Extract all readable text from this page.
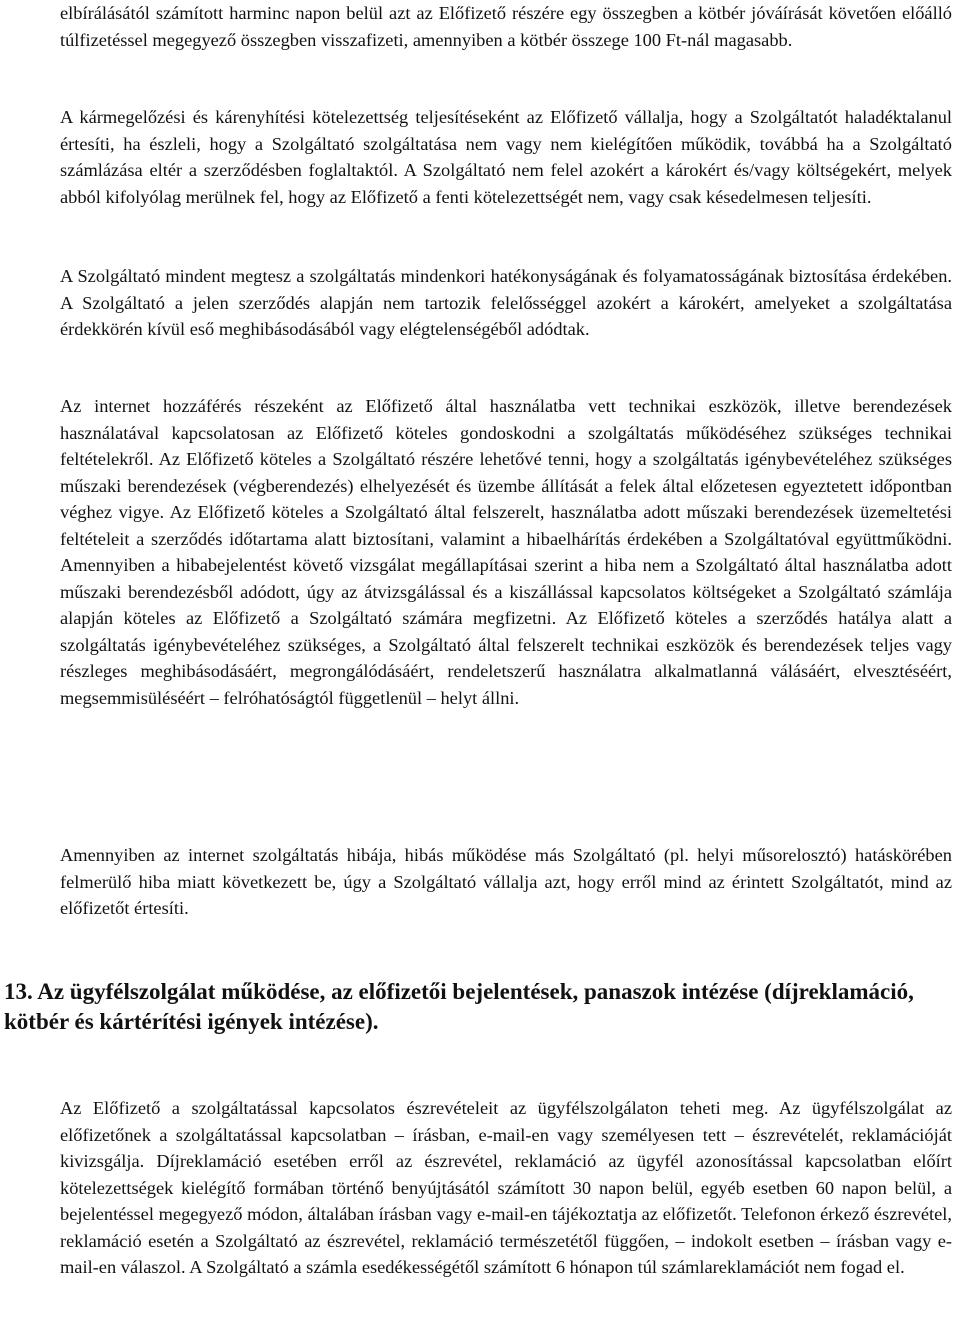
elbírálásától számított harminc napon belül azt az Előfizető részére egy összegben a kötbér jóváírását követően előálló túlfizetéssel megegyező összegben visszafizeti, amennyiben a kötbér összege 100 Ft-nál magasabb.

A kármegelőzési és kárenyhítési kötelezettség teljesítéseként az Előfizető vállalja, hogy a Szolgáltatót haladéktalanul értesíti, ha észleli, hogy a Szolgáltató szolgáltatása nem vagy nem kielégítően működik, továbbá ha a Szolgáltató számlázása eltér a szerződésben foglaltaktól. A Szolgáltató nem felel azokért a károkért és/vagy költségekért, melyek abból kifolyólag merülnek fel, hogy az Előfizető a fenti kötelezettségét nem, vagy csak késedelmesen teljesíti.

A Szolgáltató mindent megtesz a szolgáltatás mindenkori hatékonyságának és folyamatosságának biztosítása érdekében. A Szolgáltató a jelen szerződés alapján nem tartozik felelősséggel azokért a károkért, amelyeket a szolgáltatása érdekkörén kívül eső meghibásodásából vagy elégtelenségéből adódtak.

Az internet hozzáférés részeként az Előfizető által használatba vett technikai eszközök, illetve berendezések használatával kapcsolatosan az Előfizető köteles gondoskodni a szolgáltatás működéséhez szükséges technikai feltételekről. Az Előfizető köteles a Szolgáltató részére lehetővé tenni, hogy a szolgáltatás igénybevételéhez szükséges műszaki berendezések (végberendezés) elhelyezését és üzembe állítását a felek által előzetesen egyeztetett időpontban véghez vigye. Az Előfizető köteles a Szolgáltató által felszerelt, használatba adott műszaki berendezések üzemeltetési feltételeit a szerződés időtartama alatt biztosítani, valamint a hibaelhárítás érdekében a Szolgáltatóval együttműködni. Amennyiben a hibabejelentést követő vizsgálat megállapításai szerint a hiba nem a Szolgáltató által használatba adott műszaki berendezésből adódott, úgy az átvizsgálással és a kiszállással kapcsolatos költségeket a Szolgáltató számlája alapján köteles az Előfizető a Szolgáltató számára megfizetni. Az Előfizető köteles a szerződés hatálya alatt a szolgáltatás igénybevételéhez szükséges, a Szolgáltató által felszerelt technikai eszközök és berendezések teljes vagy részleges meghibásodásáért, megrongálódásáért, rendeletszerű használatra alkalmatlanná válásáért, elvesztéséért, megsemmisüléséért – felróhatóságtól függetlenül – helyt állni.

Amennyiben az internet szolgáltatás hibája, hibás működése más Szolgáltató (pl. helyi műsorelosztó) hatáskörében felmerülő hiba miatt következett be, úgy a Szolgáltató vállalja azt, hogy erről mind az érintett Szolgáltatót, mind az előfizetőt értesíti.

13. Az ügyfélszolgálat működése, az előfizetői bejelentések, panaszok intézése (díjreklamáció, kötbér és kártérítési igények intézése).

Az Előfizető a szolgáltatással kapcsolatos észrevételeit az ügyfélszolgálaton teheti meg. Az ügyfélszolgálat az előfizetőnek a szolgáltatással kapcsolatban – írásban, e-mail-en vagy személyesen tett – észrevételét, reklamációját kivizsgálja. Díjreklamáció esetében erről az észrevétel, reklamáció az ügyfél azonosítással kapcsolatban előírt kötelezettségek kielégítő formában történő benyújtásától számított 30 napon belül, egyéb esetben 60 napon belül, a bejelentéssel megegyező módon, általában írásban vagy e-mail-en tájékoztatja az előfizetőt. Telefonon érkező észrevétel, reklamáció esetén a Szolgáltató az észrevétel, reklamáció természetétől függően, – indokolt esetben – írásban vagy e-mail-en válaszol. A Szolgáltató a számla esedékességétől számított 6 hónapon túl számlareklamációt nem fogad el.
